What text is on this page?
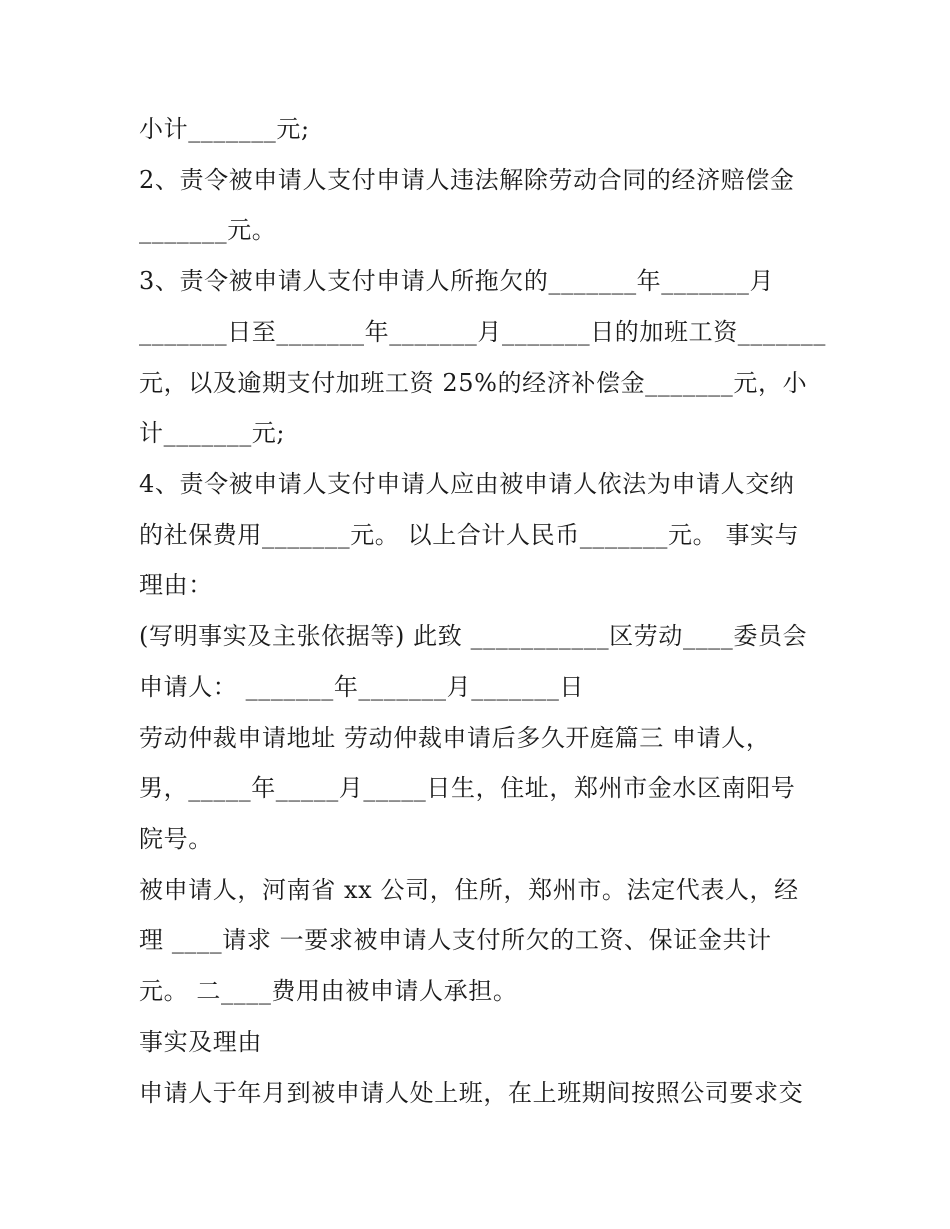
小计_______元;
2、责令被申请人支付申请人违法解除劳动合同的经济赔偿金
_______元。
3、责令被申请人支付申请人所拖欠的_______年_______月
_______日至_______年_______月_______日的加班工资_______
元，以及逾期支付加班工资 25%的经济补偿金_______元，小
计_______元;
4、责令被申请人支付申请人应由被申请人依法为申请人交纳
的社保费用_______元。 以上合计人民币_______元。 事实与
理由：
(写明事实及主张依据等) 此致 ___________区劳动____委员会
申请人： _______年_______月_______日
劳动仲裁申请地址 劳动仲裁申请后多久开庭篇三 申请人，
男，_____年_____月_____日生，住址，郑州市金水区南阳号
院号。
被申请人，河南省 xx 公司，住所，郑州市。法定代表人，经
理 ____请求 一要求被申请人支付所欠的工资、保证金共计
元。 二____费用由被申请人承担。
事实及理由
申请人于年月到被申请人处上班，在上班期间按照公司要求交
